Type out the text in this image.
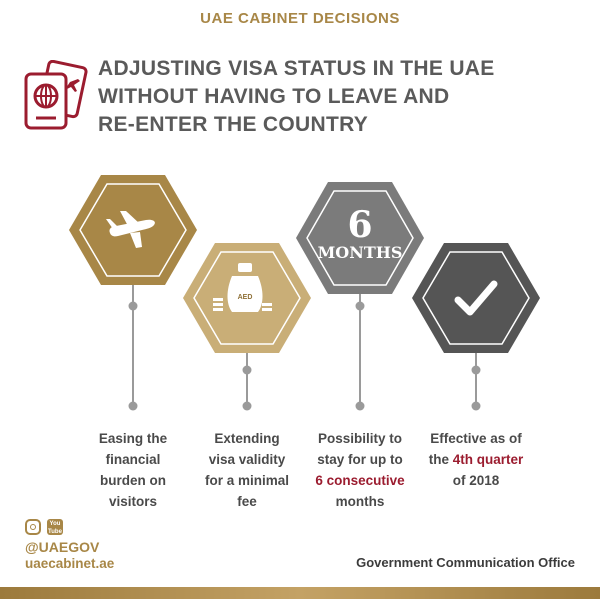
UAE CABINET DECISIONS
ADJUSTING VISA STATUS IN THE UAE
WITHOUT HAVING TO LEAVE AND
RE-ENTER THE COUNTRY
AED
6
MONTHS
Easing the
financial
burden on
visitors
Extending
visa validity
for a minimal
fee
Possibility to
stay for up to
6 consecutive
months
Effective as of
the 4th quarter
of 2018
You Tube
@UAEGOV
uaecabinet.ae	Government Communication Office
